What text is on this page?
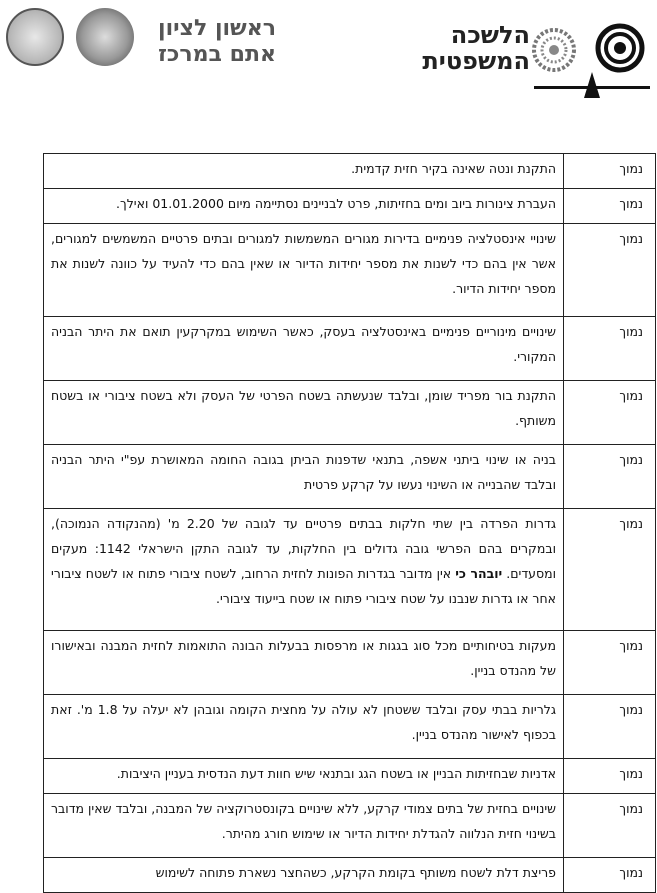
ראשון לציון
אתם במרכז
הלשכה
המשפטית
נמוך	התקנת ונטה שאינה בקיר חזית קדמית.
נמוך	העברת צינורות ביוב ומים בחזיתות, פרט לבניינים נסתיימה מיום 01.01.2000 ואילך.
נמוך	שינויי אינסטלציה פנימיים בדירות מגורים המשמשות למגורים ובתים פרטיים המשמשים למגורים, אשר אין בהם כדי לשנות את מספר יחידות הדיור או שאין בהם כדי להעיד על כוונה לשנות את מספר יחידות הדיור.
נמוך	שינויים מינוריים פנימיים באינסטלציה בעסק, כאשר השימוש במקרקעין תואם את היתר הבניה המקורי.
נמוך	התקנת בור מפריד שומן, ובלבד שנעשתה בשטח הפרטי של העסק ולא בשטח ציבורי או בשטח משותף.
נמוך	בניה או שינוי ביתני אשפה, בתנאי שדפנות הביתן בגובה החומה המאושרת עפ"י היתר הבניה ובלבד שהבנייה או השינוי נעשו על קרקע פרטית
נמוך	גדרות הפרדה בין שתי חלקות בבתים פרטיים עד לגובה של 2.20 מ' (מהנקודה הנמוכה), ובמקרים בהם הפרשי גובה גדולים בין החלקות, עד לגובה התקן הישראלי 1142: מעקים ומסעדים. יובהר כי אין מדובר בגדרות הפונות לחזית הרחוב, לשטח ציבורי פתוח או לשטח ציבורי אחר או גדרות שנבנו על שטח ציבורי פתוח או שטח בייעוד ציבורי.
נמוך	מעקות בטיחותיים מכל סוג בגגות או מרפסות בבעלות הבונה התואמות לחזית המבנה ובאישורו של מהנדס בניין.
נמוך	גלריות בבתי עסק ובלבד ששטחן לא עולה על מחצית הקומה וגובהן לא יעלה על 1.8 מ'. זאת בכפוף לאישור מהנדס בניין.
נמוך	אדניות שבחזיתות הבניין או בשטח הגג ובתנאי שיש חוות דעת הנדסית בעניין היציבות.
נמוך	שינויים בחזית של בתים צמודי קרקע, ללא שינויים בקונסטרוקציה של המבנה, ובלבד שאין מדובר בשינוי חזית הנלווה להגדלת יחידות הדיור או שימוש חורג מהיתר.
נמוך	פריצת דלת לשטח משותף בקומת הקרקע, כשהחצר נשארת פתוחה לשימוש
